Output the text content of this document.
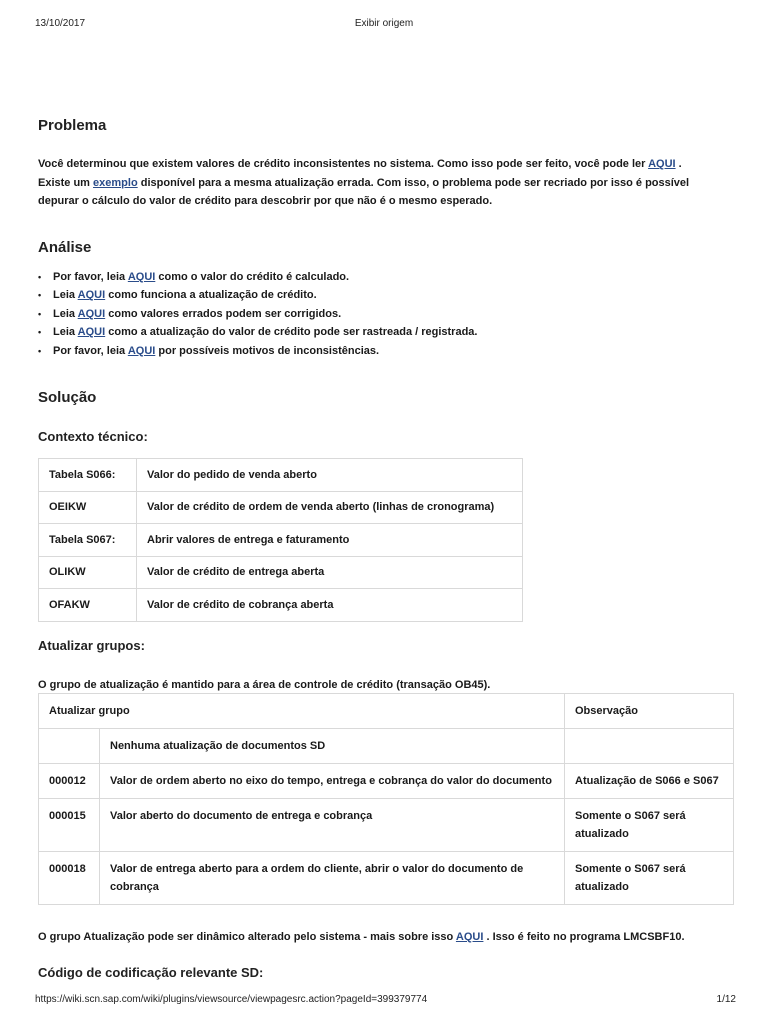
13/10/2017	Exibir origem
Problema
Você determinou que existem valores de crédito inconsistentes no sistema. Como isso pode ser feito, você pode ler AQUI .
Existe um exemplo disponível para a mesma atualização errada. Com isso, o problema pode ser recriado por isso é possível
depurar o cálculo do valor de crédito para descobrir por que não é o mesmo esperado.
Análise
• Por favor, leia AQUI como o valor do crédito é calculado.
• Leia AQUI como funciona a atualização de crédito.
• Leia AQUI como valores errados podem ser corrigidos.
• Leia AQUI como a atualização do valor de crédito pode ser rastreada / registrada.
• Por favor, leia AQUI por possíveis motivos de inconsistências.
Solução
Contexto técnico:
Tabela S066:	Valor do pedido de venda aberto
OEIKW	Valor de crédito de ordem de venda aberto (linhas de cronograma)
Tabela S067:	Abrir valores de entrega e faturamento
OLIKW	Valor de crédito de entrega aberta
OFAKW	Valor de crédito de cobrança aberta
Atualizar grupos:
O grupo de atualização é mantido para a área de controle de crédito (transação OB45).
Atualizar grupo		Observação
	Nenhuma atualização de documentos SD	
000012	Valor de ordem aberto no eixo do tempo, entrega e cobrança do valor do documento	Atualização de S066 e S067
000015	Valor aberto do documento de entrega e cobrança	Somente o S067 será atualizado
000018	Valor de entrega aberto para a ordem do cliente, abrir o valor do documento de cobrança	Somente o S067 será atualizado
O grupo Atualização pode ser dinâmico alterado pelo sistema - mais sobre isso AQUI . Isso é feito no programa LMCSBF10.
Código de codificação relevante SD:
https://wiki.scn.sap.com/wiki/plugins/viewsource/viewpagesrc.action?pageId=399379774	1/12
